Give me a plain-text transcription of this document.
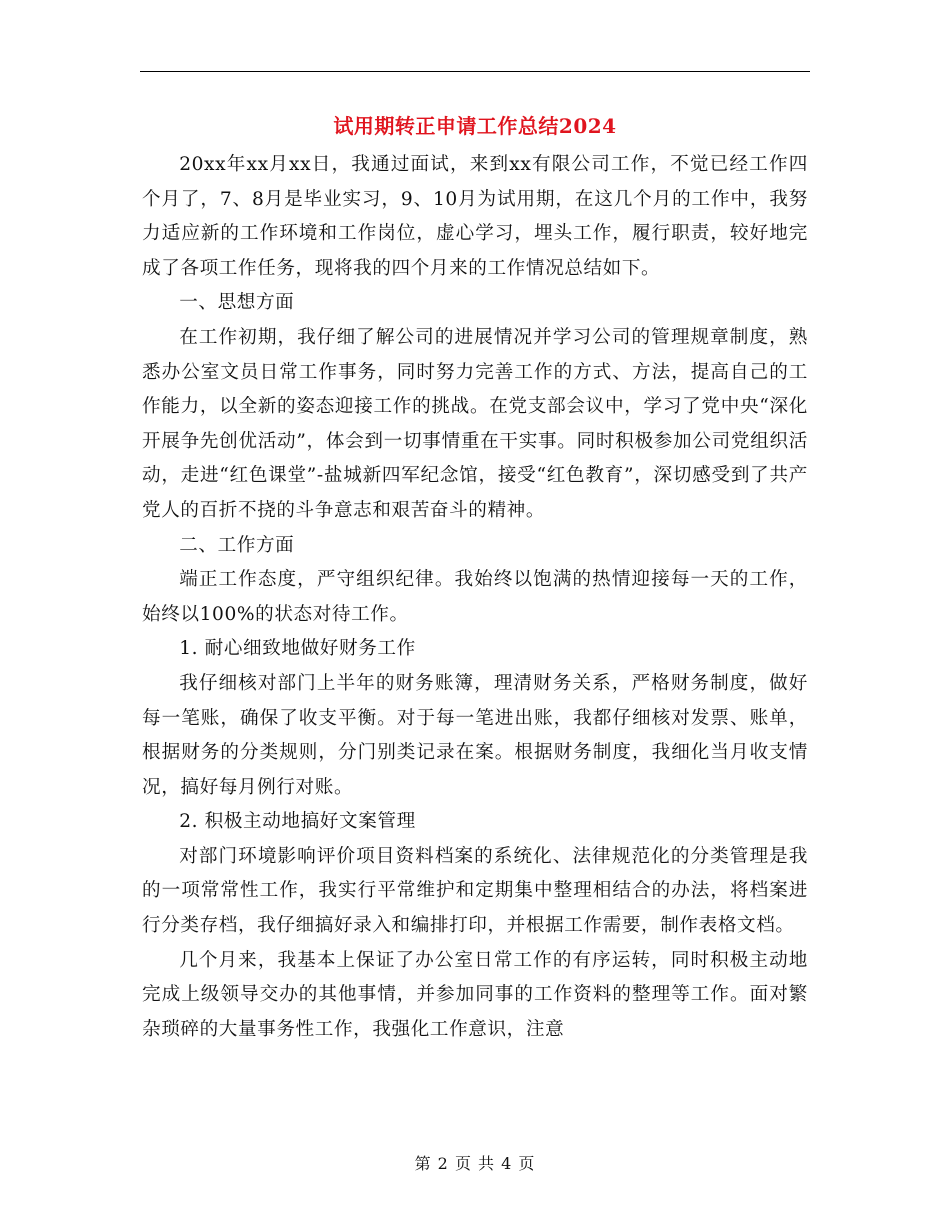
试用期转正申请工作总结2024

20xx年xx月xx日，我通过面试，来到xx有限公司工作，不觉已经工作四个月了，7、8月是毕业实习，9、10月为试用期，在这几个月的工作中，我努力适应新的工作环境和工作岗位，虚心学习，埋头工作，履行职责，较好地完成了各项工作任务，现将我的四个月来的工作情况总结如下。

一、思想方面

在工作初期，我仔细了解公司的进展情况并学习公司的管理规章制度，熟悉办公室文员日常工作事务，同时努力完善工作的方式、方法，提高自己的工作能力，以全新的姿态迎接工作的挑战。在党支部会议中，学习了党中央“深化开展争先创优活动”，体会到一切事情重在干实事。同时积极参加公司党组织活动，走进“红色课堂”-盐城新四军纪念馆，接受“红色教育”，深切感受到了共产党人的百折不挠的斗争意志和艰苦奋斗的精神。

二、工作方面

端正工作态度，严守组织纪律。我始终以饱满的热情迎接每一天的工作，始终以100%的状态对待工作。

1. 耐心细致地做好财务工作

我仔细核对部门上半年的财务账簿，理清财务关系，严格财务制度，做好每一笔账，确保了收支平衡。对于每一笔进出账，我都仔细核对发票、账单，根据财务的分类规则，分门别类记录在案。根据财务制度，我细化当月收支情况，搞好每月例行对账。

2. 积极主动地搞好文案管理

对部门环境影响评价项目资料档案的系统化、法律规范化的分类管理是我的一项常常性工作，我实行平常维护和定期集中整理相结合的办法，将档案进行分类存档，我仔细搞好录入和编排打印，并根据工作需要，制作表格文档。

几个月来，我基本上保证了办公室日常工作的有序运转，同时积极主动地完成上级领导交办的其他事情，并参加同事的工作资料的整理等工作。面对繁杂琐碎的大量事务性工作，我强化工作意识，注意

第 2 页 共 4 页
